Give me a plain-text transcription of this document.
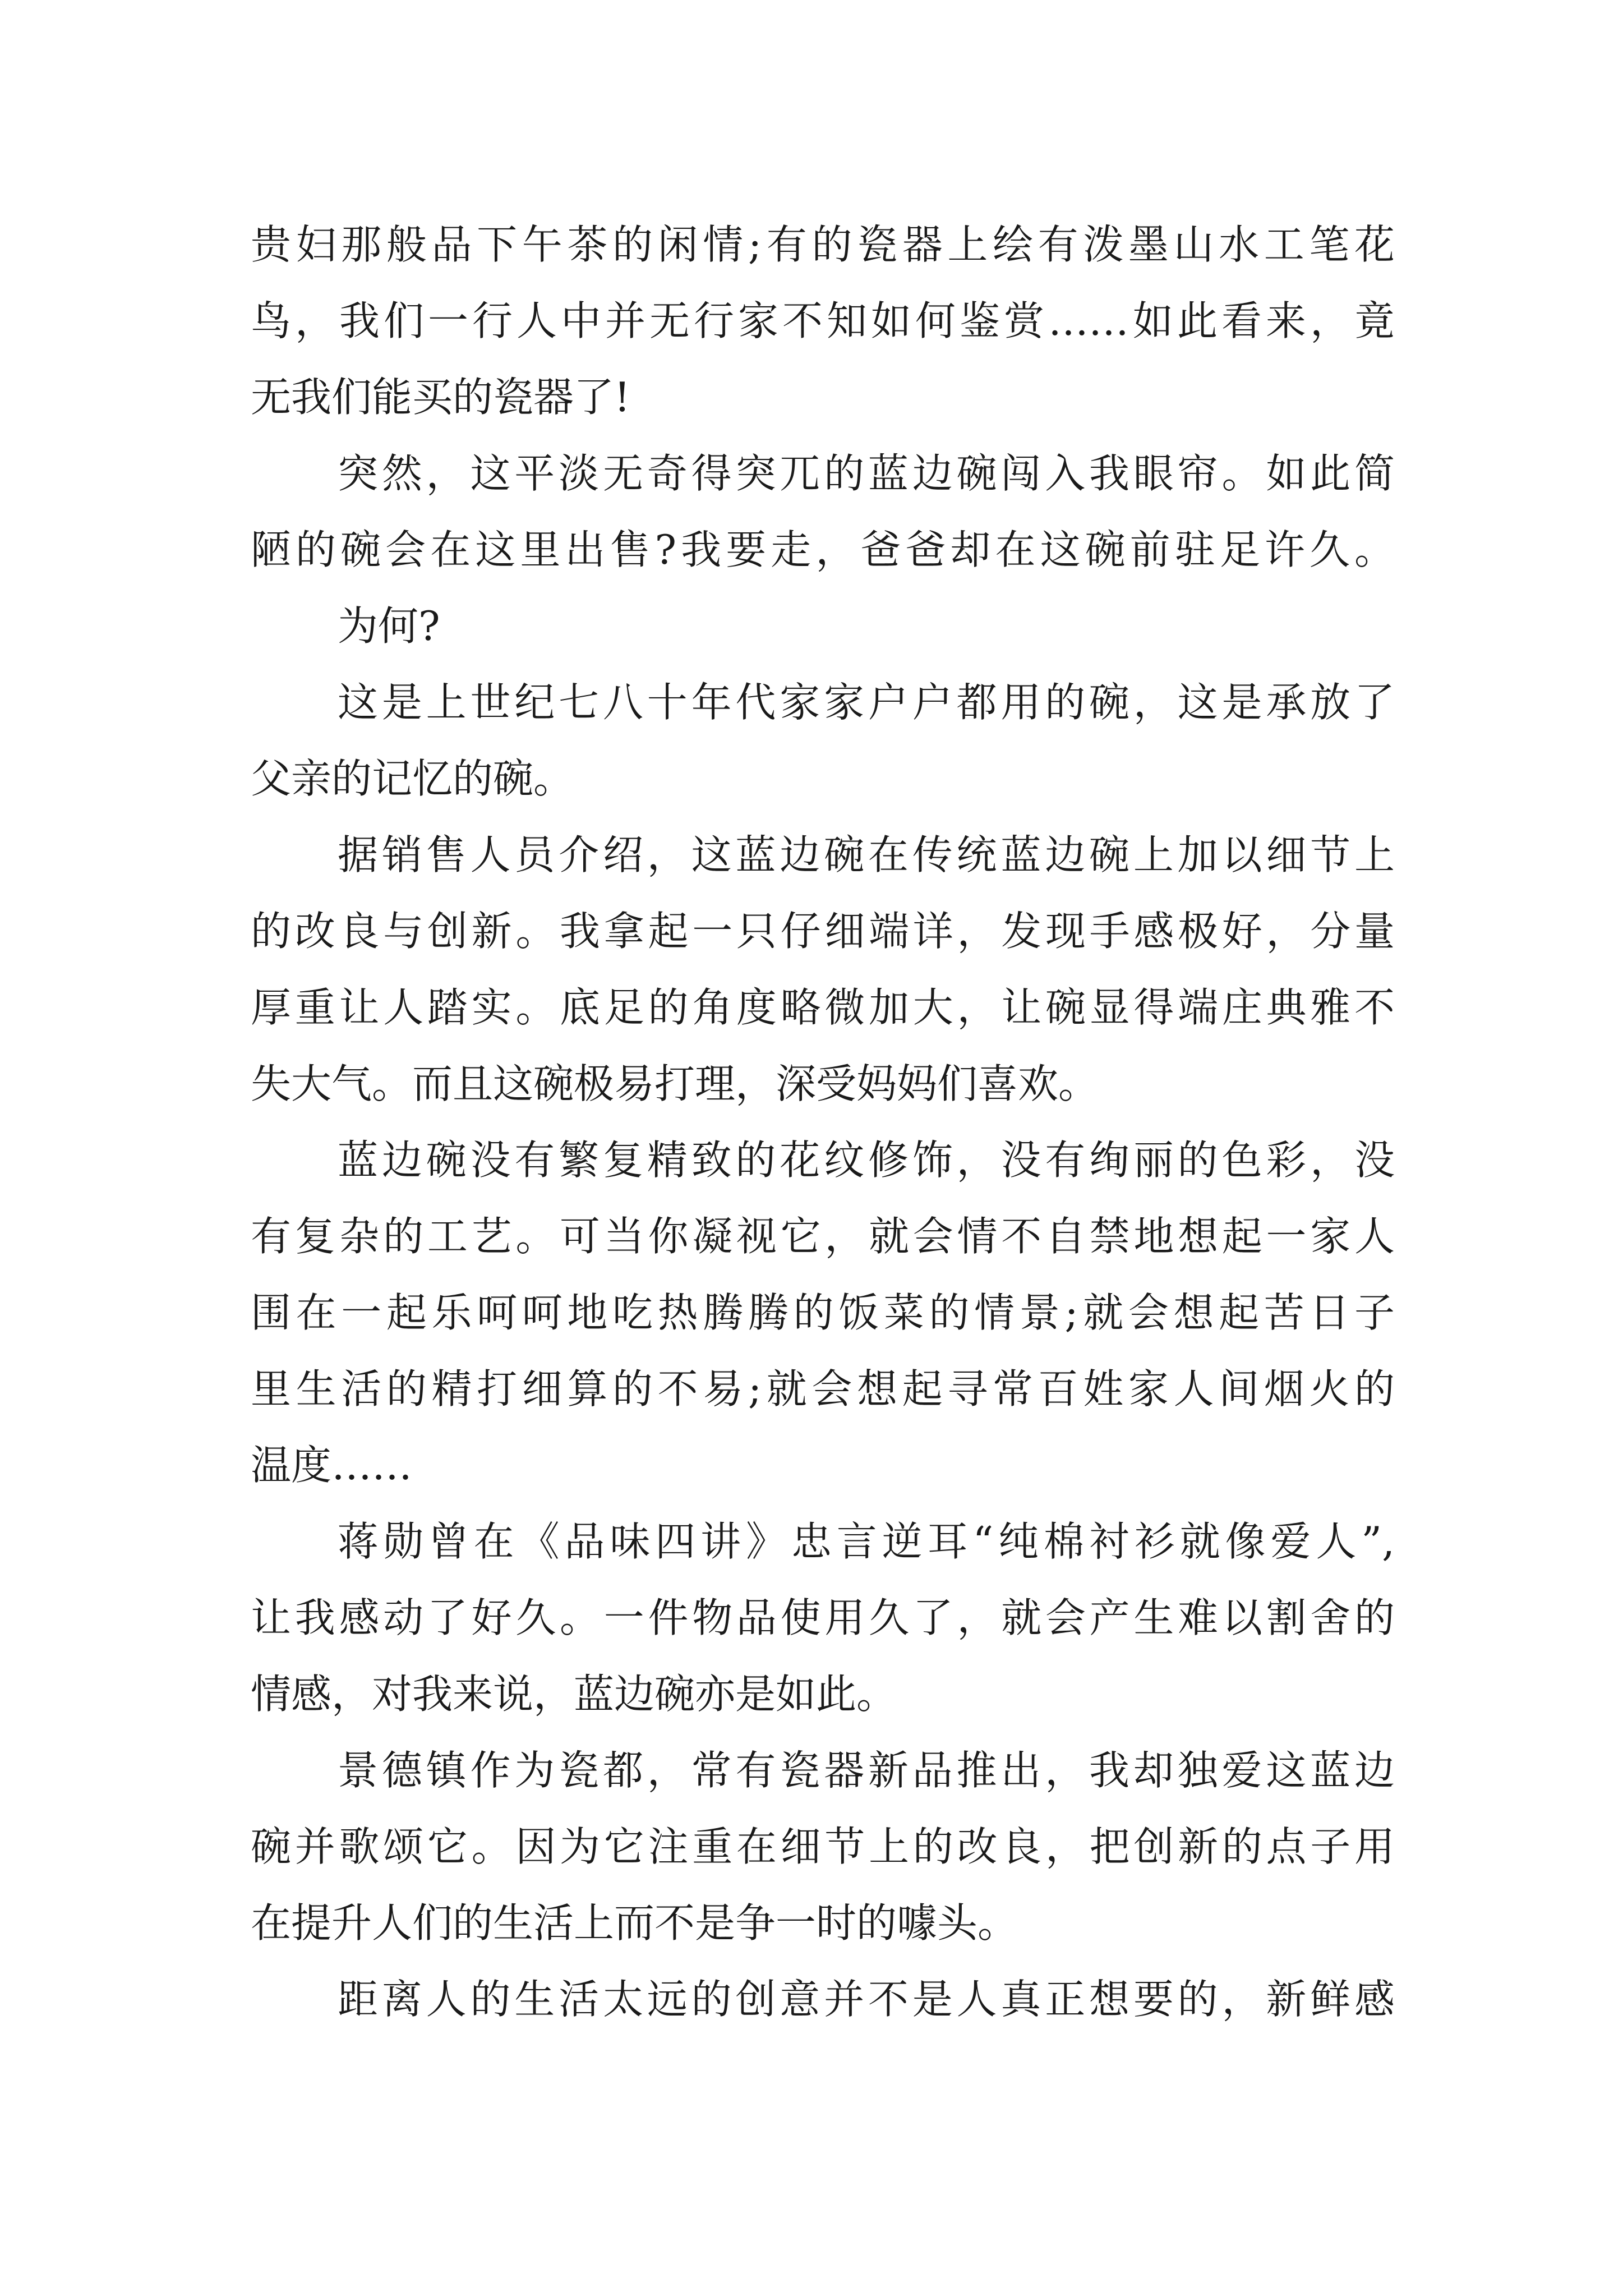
贵妇那般品下午茶的闲情;有的瓷器上绘有泼墨山水工笔花
鸟，我们一行人中并无行家不知如何鉴赏……如此看来，竟
无我们能买的瓷器了!
突然，这平淡无奇得突兀的蓝边碗闯入我眼帘。如此简
陋的碗会在这里出售?我要走，爸爸却在这碗前驻足许久。
为何?
这是上世纪七八十年代家家户户都用的碗，这是承放了
父亲的记忆的碗。
据销售人员介绍，这蓝边碗在传统蓝边碗上加以细节上
的改良与创新。我拿起一只仔细端详，发现手感极好，分量
厚重让人踏实。底足的角度略微加大，让碗显得端庄典雅不
失大气。而且这碗极易打理，深受妈妈们喜欢。
蓝边碗没有繁复精致的花纹修饰，没有绚丽的色彩，没
有复杂的工艺。可当你凝视它，就会情不自禁地想起一家人
围在一起乐呵呵地吃热腾腾的饭菜的情景;就会想起苦日子
里生活的精打细算的不易;就会想起寻常百姓家人间烟火的
温度……
蒋勋曾在《品味四讲》忠言逆耳“纯棉衬衫就像爱人”,
让我感动了好久。一件物品使用久了，就会产生难以割舍的
情感，对我来说，蓝边碗亦是如此。
景德镇作为瓷都，常有瓷器新品推出，我却独爱这蓝边
碗并歌颂它。因为它注重在细节上的改良，把创新的点子用
在提升人们的生活上而不是争一时的噱头。
距离人的生活太远的创意并不是人真正想要的，新鲜感
